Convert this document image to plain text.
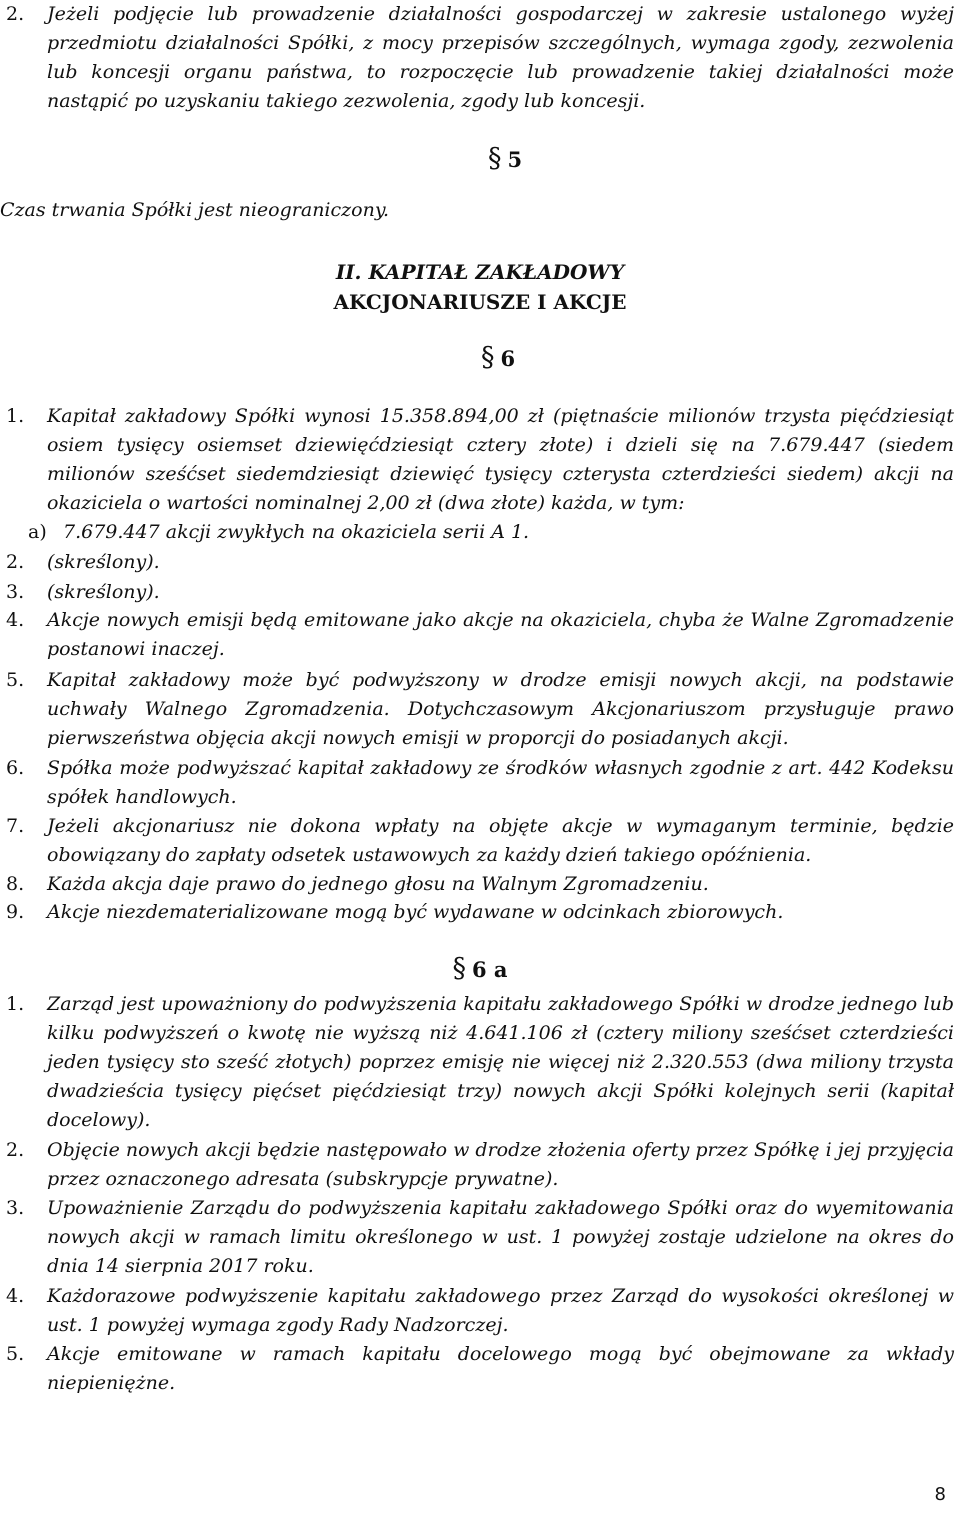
2. Jeżeli podjęcie lub prowadzenie działalności gospodarczej w zakresie ustalonego wyżej przedmiotu działalności Spółki, z mocy przepisów szczególnych, wymaga zgody, zezwolenia lub koncesji organu państwa, to rozpoczęcie lub prowadzenie takiej działalności może nastąpić po uzyskaniu takiego zezwolenia, zgody lub koncesji.
§ 5
Czas trwania Spółki jest nieograniczony.
II. KAPITAŁ ZAKŁADOWY
AKCJONARIUSZE I AKCJE
§ 6
1. Kapitał zakładowy Spółki wynosi 15.358.894,00 zł (piętnaście milionów trzysta pięćdziesiąt osiem tysięcy osiemset dziewięćdziesiąt cztery złote) i dzieli się na 7.679.447 (siedem milionów sześćset siedemdziesiąt dziewięć tysięcy czterysta czterdzieści siedem) akcji na okaziciela o wartości nominalnej 2,00 zł (dwa złote) każda, w tym:
a) 7.679.447 akcji zwykłych na okaziciela serii A 1.
2. (skreślony).
3. (skreślony).
4. Akcje nowych emisji będą emitowane jako akcje na okaziciela, chyba że Walne Zgromadzenie postanowi inaczej.
5. Kapitał zakładowy może być podwyższony w drodze emisji nowych akcji, na podstawie uchwały Walnego Zgromadzenia. Dotychczasowym Akcjonariuszom przysługuje prawo pierwszeństwa objęcia akcji nowych emisji w proporcji do posiadanych akcji.
6. Spółka może podwyższać kapitał zakładowy ze środków własnych zgodnie z art. 442 Kodeksu spółek handlowych.
7. Jeżeli akcjonariusz nie dokona wpłaty na objęte akcje w wymaganym terminie, będzie obowiązany do zapłaty odsetek ustawowych za każdy dzień takiego opóźnienia.
8. Każda akcja daje prawo do jednego głosu na Walnym Zgromadzeniu.
9. Akcje niezdematerializowane mogą być wydawane w odcinkach zbiorowych.
§ 6 a
1. Zarząd jest upoważniony do podwyższenia kapitału zakładowego Spółki w drodze jednego lub kilku podwyższeń o kwotę nie wyższą niż 4.641.106 zł (cztery miliony sześćset czterdzieści jeden tysięcy sto sześć złotych) poprzez emisję nie więcej niż 2.320.553 (dwa miliony trzysta dwadzieścia tysięcy pięćset pięćdziesiąt trzy) nowych akcji Spółki kolejnych serii (kapitał docelowy).
2. Objęcie nowych akcji będzie następowało w drodze złożenia oferty przez Spółkę i jej przyjęcia przez oznaczonego adresata (subskrypcje prywatne).
3. Upoważnienie Zarządu do podwyższenia kapitału zakładowego Spółki oraz do wyemitowania nowych akcji w ramach limitu określonego w ust. 1 powyżej zostaje udzielone na okres do dnia 14 sierpnia 2017 roku.
4. Każdorazowe podwyższenie kapitału zakładowego przez Zarząd do wysokości określonej w ust. 1 powyżej wymaga zgody Rady Nadzorczej.
5. Akcje emitowane w ramach kapitału docelowego mogą być obejmowane za wkłady niepieniężne.
8
